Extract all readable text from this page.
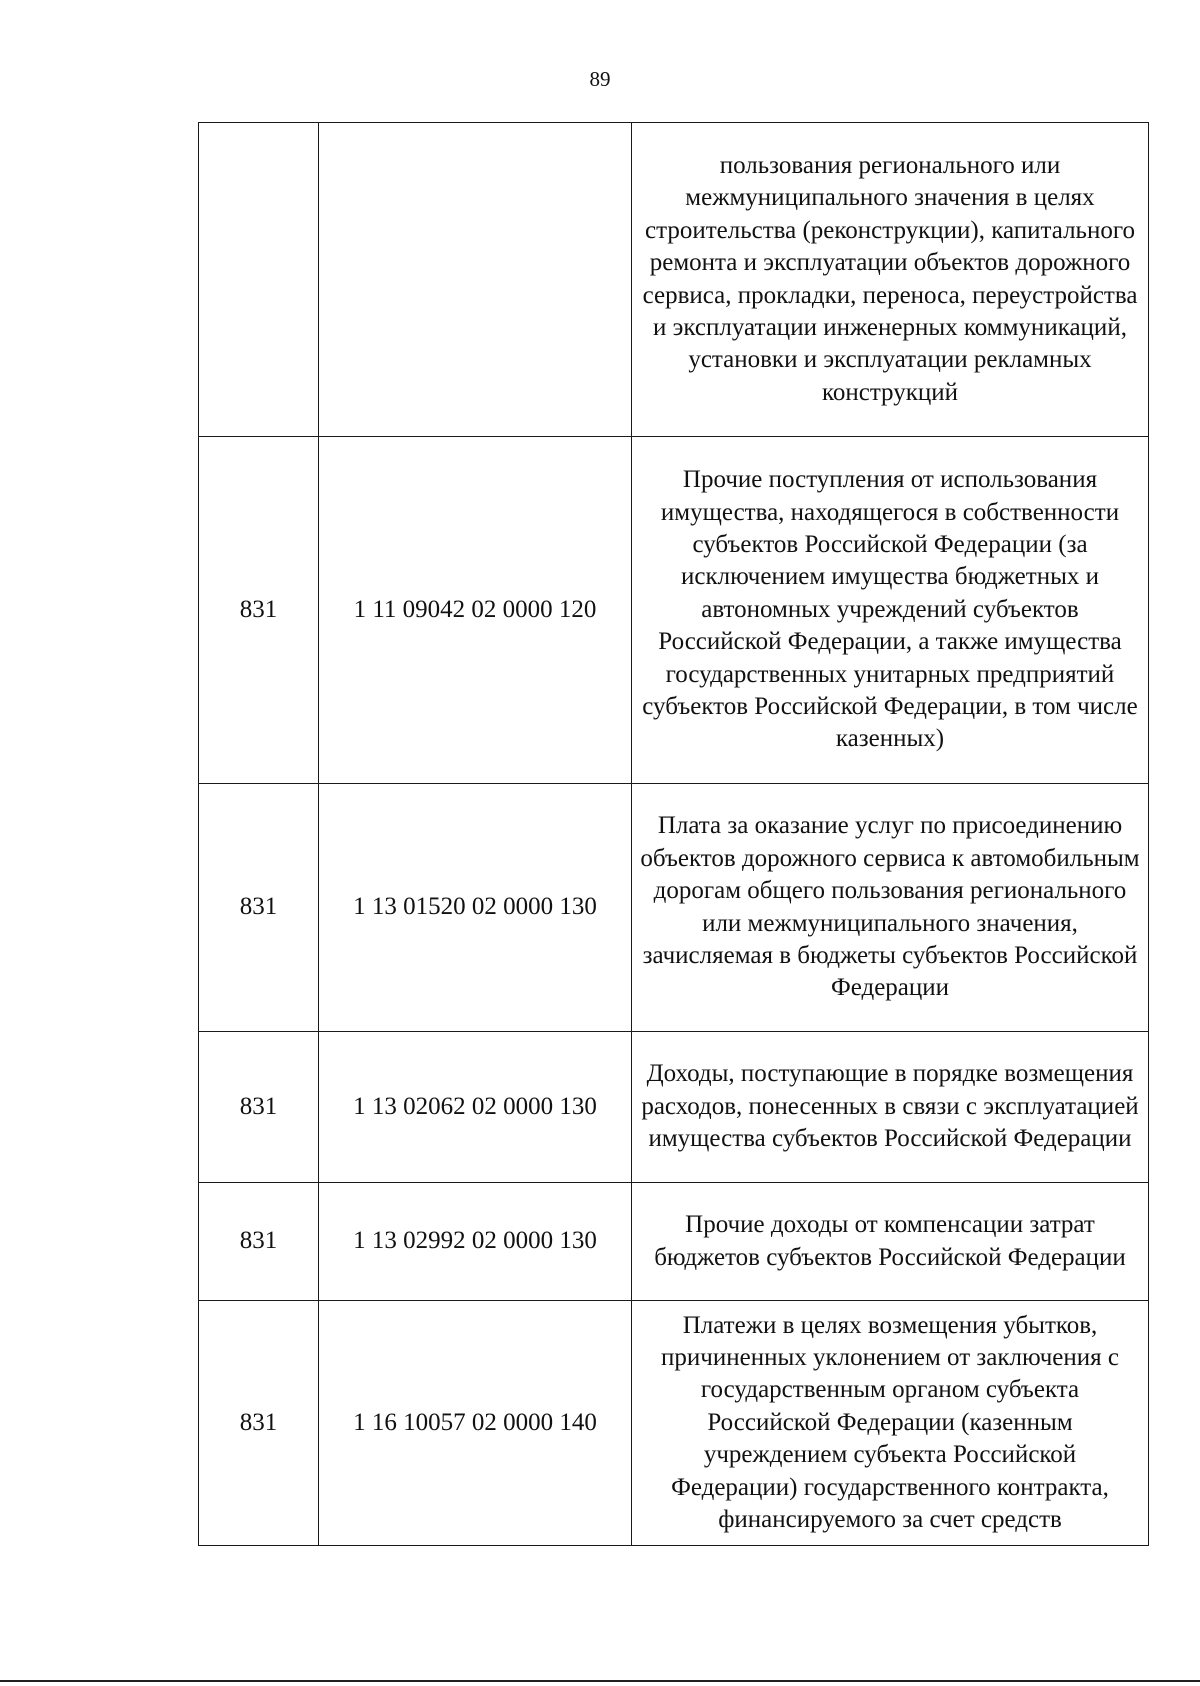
89
		пользования регионального или межмуниципального значения в целях строительства (реконструкции), капитального ремонта и эксплуатации объектов дорожного сервиса, прокладки, переноса, переустройства и эксплуатации инженерных коммуникаций, установки и эксплуатации рекламных конструкций
831	1 11 09042 02 0000 120	Прочие поступления от использования имущества, находящегося в собственности субъектов Российской Федерации (за исключением имущества бюджетных и автономных учреждений субъектов Российской Федерации, а также имущества государственных унитарных предприятий субъектов Российской Федерации, в том числе казенных)
831	1 13 01520 02 0000 130	Плата за оказание услуг по присоединению объектов дорожного сервиса к автомобильным дорогам общего пользования регионального или межмуниципального значения, зачисляемая в бюджеты субъектов Российской Федерации
831	1 13 02062 02 0000 130	Доходы, поступающие в порядке возмещения расходов, понесенных в связи с эксплуатацией имущества субъектов Российской Федерации
831	1 13 02992 02 0000 130	Прочие доходы от компенсации затрат бюджетов субъектов Российской Федерации
831	1 16 10057 02 0000 140	Платежи в целях возмещения убытков, причиненных уклонением от заключения с государственным органом субъекта Российской Федерации (казенным учреждением субъекта Российской Федерации) государственного контракта, финансируемого за счет средств
